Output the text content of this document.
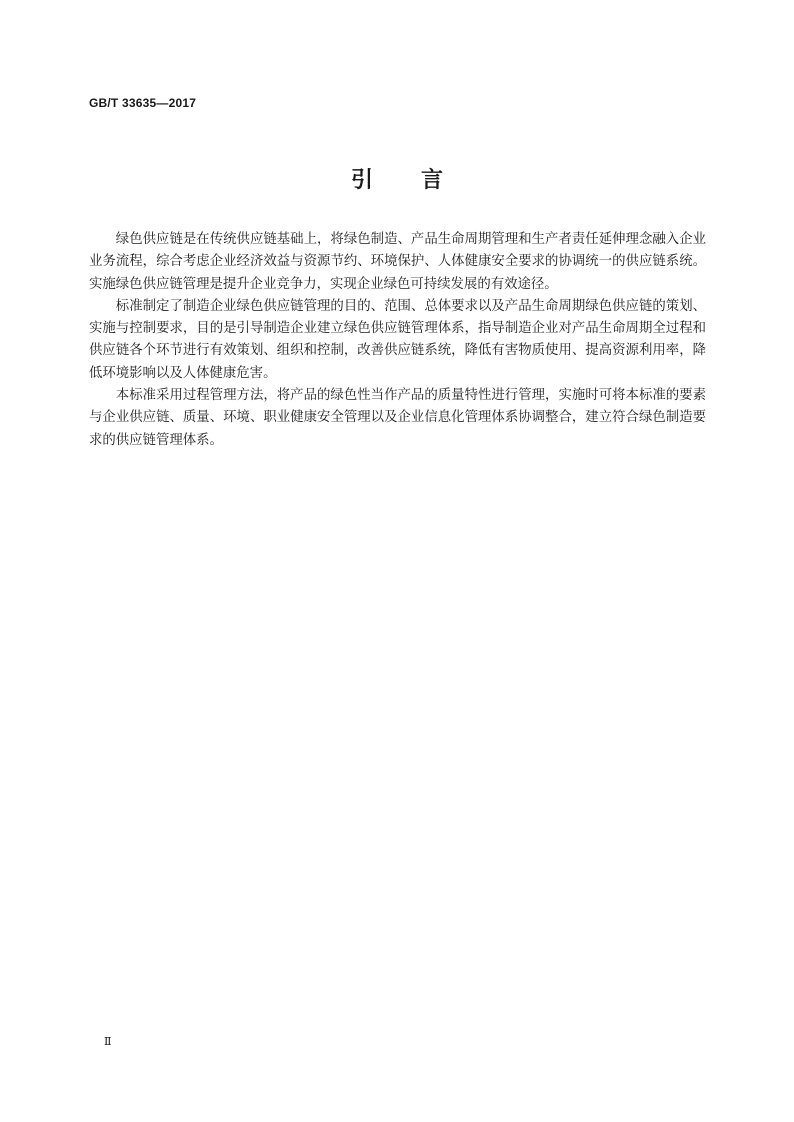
GB/T 33635—2017
引 言

绿色供应链是在传统供应链基础上，将绿色制造、产品生命周期管理和生产者责任延伸理念融入企业业务流程，综合考虑企业经济效益与资源节约、环境保护、人体健康安全要求的协调统一的供应链系统。实施绿色供应链管理是提升企业竞争力，实现企业绿色可持续发展的有效途径。

标准制定了制造企业绿色供应链管理的目的、范围、总体要求以及产品生命周期绿色供应链的策划、实施与控制要求，目的是引导制造企业建立绿色供应链管理体系，指导制造企业对产品生命周期全过程和供应链各个环节进行有效策划、组织和控制，改善供应链系统，降低有害物质使用、提高资源利用率，降低环境影响以及人体健康危害。

本标准采用过程管理方法，将产品的绿色性当作产品的质量特性进行管理，实施时可将本标准的要素与企业供应链、质量、环境、职业健康安全管理以及企业信息化管理体系协调整合，建立符合绿色制造要求的供应链管理体系。

Ⅱ
